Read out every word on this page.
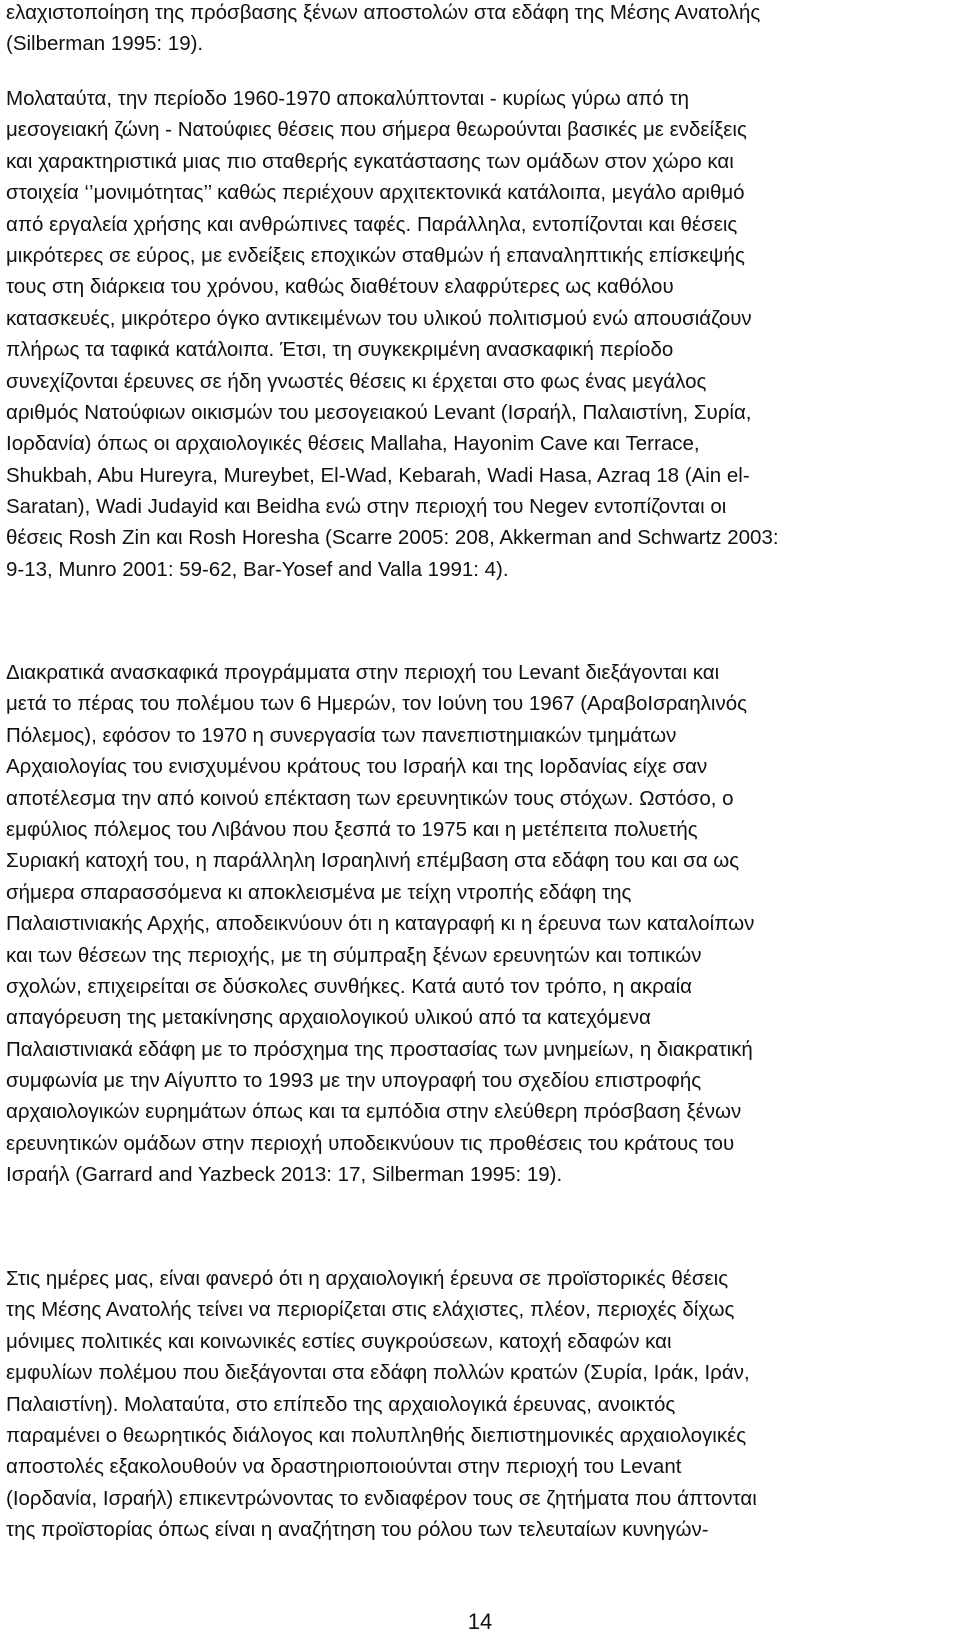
ελαχιστοποίηση της πρόσβασης ξένων αποστολών στα εδάφη της Μέσης Ανατολής
(Silberman 1995: 19).
Μολαταύτα, την περίοδο 1960-1970 αποκαλύπτονται - κυρίως γύρω από τη
μεσογειακή ζώνη - Νατούφιες θέσεις που σήμερα θεωρούνται βασικές με ενδείξεις
και χαρακτηριστικά μιας πιο σταθερής εγκατάστασης των ομάδων στον χώρο και
στοιχεία ‘’μονιμότητας’’ καθώς περιέχουν αρχιτεκτονικά κατάλοιπα, μεγάλο αριθμό
από εργαλεία χρήσης και ανθρώπινες ταφές. Παράλληλα, εντοπίζονται και θέσεις
μικρότερες σε εύρος, με ενδείξεις εποχικών σταθμών ή επαναληπτικής επίσκεψής
τους στη διάρκεια του χρόνου, καθώς διαθέτουν ελαφρύτερες ως καθόλου
κατασκευές, μικρότερο όγκο αντικειμένων του υλικού πολιτισμού ενώ απουσιάζουν
πλήρως τα ταφικά κατάλοιπα. Έτσι, τη συγκεκριμένη ανασκαφική περίοδο
συνεχίζονται έρευνες σε ήδη γνωστές θέσεις κι έρχεται στο φως ένας μεγάλος
αριθμός Νατούφιων οικισμών του μεσογειακού Levant (Ισραήλ, Παλαιστίνη, Συρία,
Ιορδανία) όπως οι αρχαιολογικές θέσεις Mallaha, Hayonim Cave και Terrace,
Shukbah, Abu Hureyra, Mureybet, El-Wad, Kebarah, Wadi Hasa, Azraq 18 (Ain el-
Saratan), Wadi Judayid και Beidha ενώ στην περιοχή του Negev εντοπίζονται οι
θέσεις Rosh Zin και Rosh Horesha (Scarre 2005: 208, Akkerman and Schwartz 2003:
9-13, Munro 2001: 59-62, Bar-Yosef and Valla 1991: 4).
Διακρατικά ανασκαφικά προγράμματα στην περιοχή του Levant διεξάγονται και
μετά το πέρας του πολέμου των 6 Ημερών, τον Ιούνη του 1967 (ΑραβοΙσραηλινός
Πόλεμος), εφόσον το 1970 η συνεργασία των πανεπιστημιακών τμημάτων
Αρχαιολογίας του ενισχυμένου κράτους του Ισραήλ και της Ιορδανίας είχε σαν
αποτέλεσμα την από κοινού επέκταση των ερευνητικών τους στόχων. Ωστόσο, ο
εμφύλιος πόλεμος του Λιβάνου που ξεσπά το 1975 και η μετέπειτα πολυετής
Συριακή κατοχή του, η παράλληλη Ισραηλινή επέμβαση στα εδάφη του και σα ως
σήμερα σπαρασσόμενα κι αποκλεισμένα με τείχη ντροπής εδάφη της
Παλαιστινιακής Αρχής, αποδεικνύουν ότι η καταγραφή κι η έρευνα των καταλοίπων
και των θέσεων της περιοχής, με τη σύμπραξη ξένων ερευνητών και τοπικών
σχολών, επιχειρείται σε δύσκολες συνθήκες. Κατά αυτό τον τρόπο, η ακραία
απαγόρευση της μετακίνησης αρχαιολογικού υλικού από τα κατεχόμενα
Παλαιστινιακά εδάφη με το πρόσχημα της προστασίας των μνημείων, η διακρατική
συμφωνία με την Αίγυπτο το 1993 με την υπογραφή του σχεδίου επιστροφής
αρχαιολογικών ευρημάτων όπως και τα εμπόδια στην ελεύθερη πρόσβαση ξένων
ερευνητικών ομάδων στην περιοχή υποδεικνύουν τις προθέσεις του κράτους του
Ισραήλ (Garrard and Yazbeck 2013: 17, Silberman 1995: 19).
Στις ημέρες μας, είναι φανερό ότι η αρχαιολογική έρευνα σε προϊστορικές θέσεις
της Μέσης Ανατολής τείνει να περιορίζεται στις ελάχιστες, πλέον, περιοχές δίχως
μόνιμες πολιτικές και κοινωνικές εστίες συγκρούσεων, κατοχή εδαφών και
εμφυλίων πολέμου που διεξάγονται στα εδάφη πολλών κρατών (Συρία, Ιράκ, Ιράν,
Παλαιστίνη). Μολαταύτα, στο επίπεδο της αρχαιολογικά έρευνας, ανοικτός
παραμένει ο θεωρητικός διάλογος και πολυπληθής διεπιστημονικές αρχαιολογικές
αποστολές εξακολουθούν να δραστηριοποιούνται στην περιοχή του Levant
(Ιορδανία, Ισραήλ) επικεντρώνοντας το ενδιαφέρον τους σε ζητήματα που άπτονται
της προϊστορίας όπως είναι η αναζήτηση του ρόλου των τελευταίων κυνηγών-
14
